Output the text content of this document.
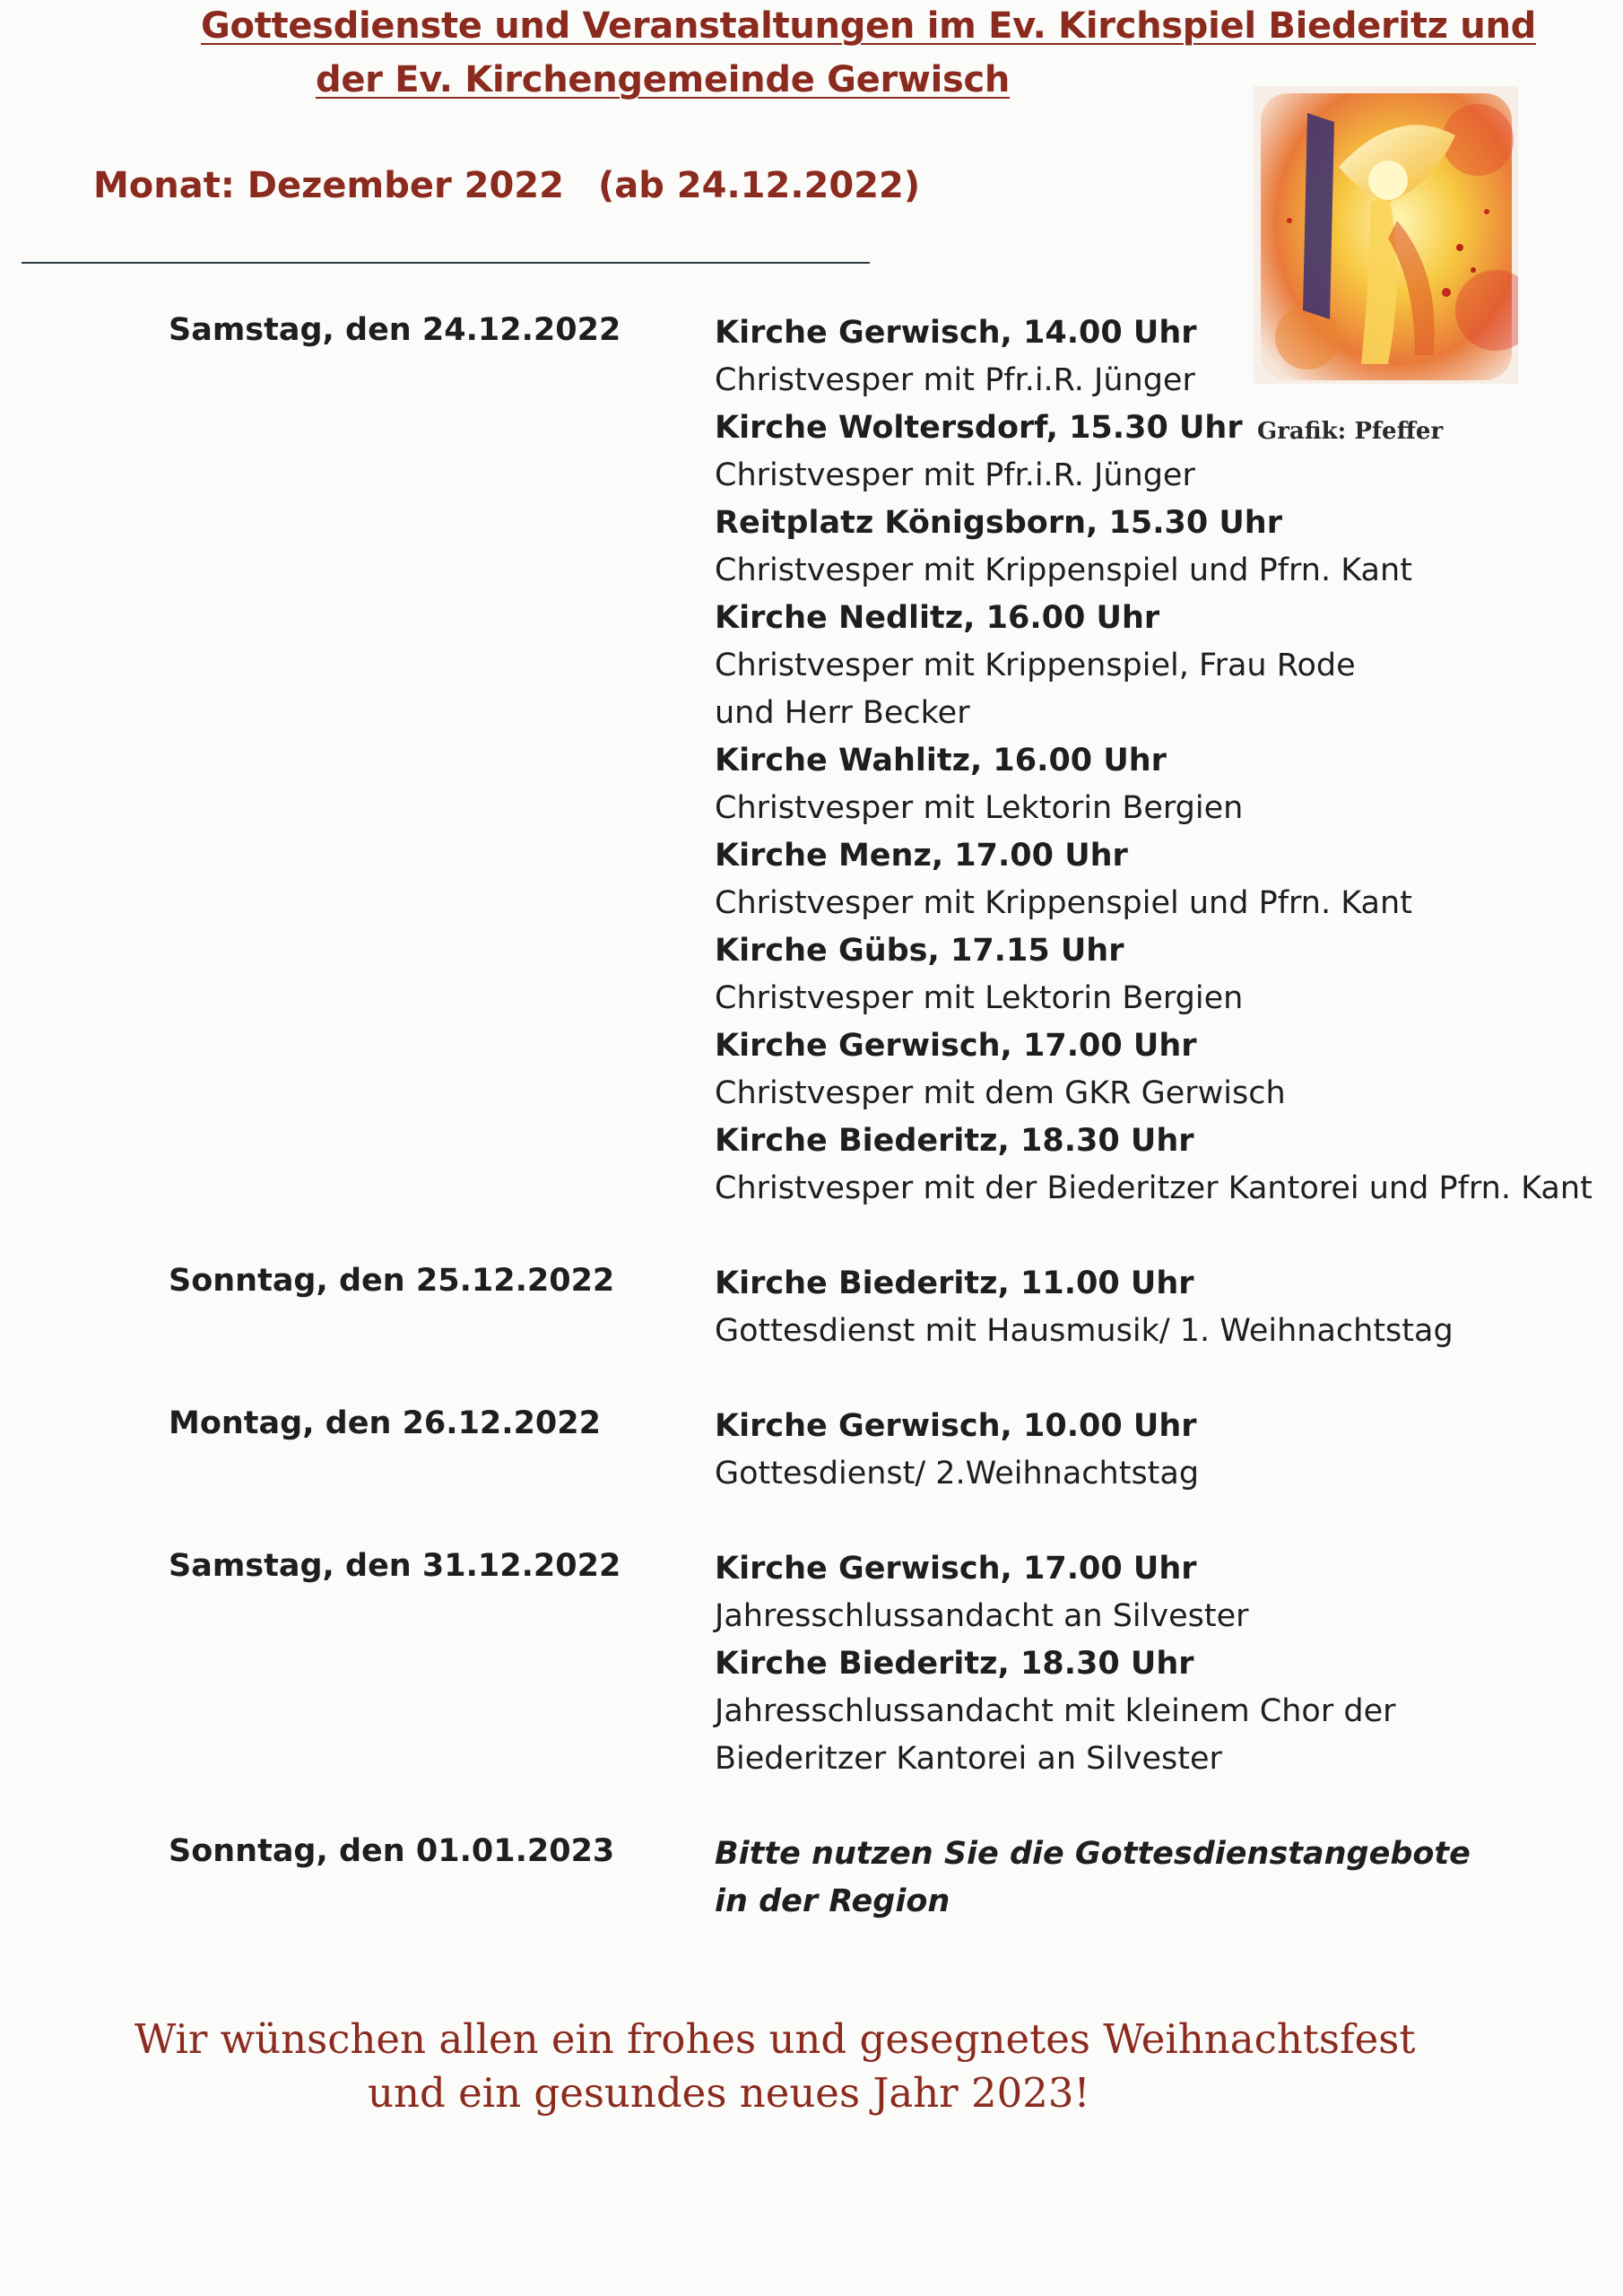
Gottesdienste und Veranstaltungen im Ev. Kirchspiel Biederitz und
der Ev. Kirchengemeinde Gerwisch
Monat: Dezember 2022 (ab 24.12.2022)
Grafik: Pfeffer
Samstag, den 24.12.2022	Kirche Gerwisch, 14.00 Uhr
Christvesper mit Pfr.i.R. Jünger
Kirche Woltersdorf, 15.30 Uhr
Christvesper mit Pfr.i.R. Jünger
Reitplatz Königsborn, 15.30 Uhr
Christvesper mit Krippenspiel und Pfrn. Kant
Kirche Nedlitz, 16.00 Uhr
Christvesper mit Krippenspiel, Frau Rode
und Herr Becker
Kirche Wahlitz, 16.00 Uhr
Christvesper mit Lektorin Bergien
Kirche Menz, 17.00 Uhr
Christvesper mit Krippenspiel und Pfrn. Kant
Kirche Gübs, 17.15 Uhr
Christvesper mit Lektorin Bergien
Kirche Gerwisch, 17.00 Uhr
Christvesper mit dem GKR Gerwisch
Kirche Biederitz, 18.30 Uhr
Christvesper mit der Biederitzer Kantorei und Pfrn. Kant
Sonntag, den 25.12.2022	Kirche Biederitz, 11.00 Uhr
Gottesdienst mit Hausmusik/ 1. Weihnachtstag
Montag, den 26.12.2022	Kirche Gerwisch, 10.00 Uhr
Gottesdienst/ 2.Weihnachtstag
Samstag, den 31.12.2022	Kirche Gerwisch, 17.00 Uhr
Jahresschlussandacht an Silvester
Kirche Biederitz, 18.30 Uhr
Jahresschlussandacht mit kleinem Chor der
Biederitzer Kantorei an Silvester
Sonntag, den 01.01.2023	Bitte nutzen Sie die Gottesdienstangebote
in der Region
Wir wünschen allen ein frohes und gesegnetes Weihnachtsfest
und ein gesundes neues Jahr 2023!
